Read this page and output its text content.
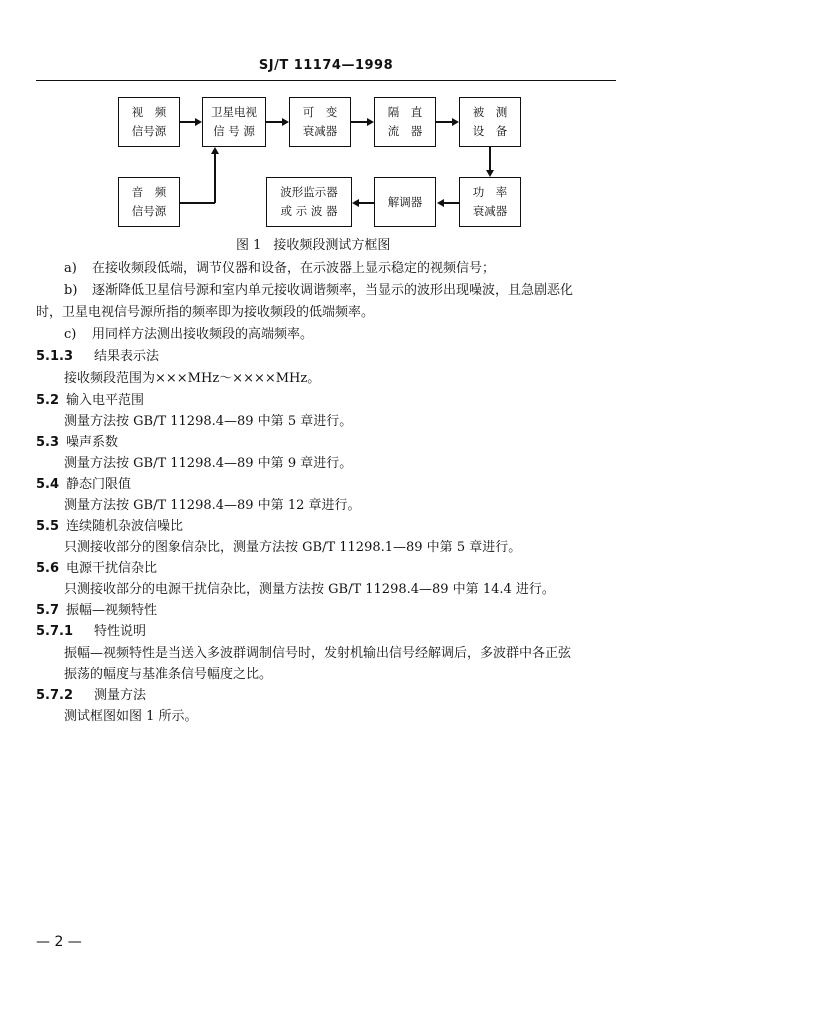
SJ/T 11174—1998
视　频
信号源
卫星电视
信 号 源
可　变
衰减器
隔　直
流　器
被　测
设　备
音　频
信号源
波形监示器
或 示 波 器
解调器
功　率
衰减器
图 1 接收频段测试方框图
a) 在接收频段低端，调节仪器和设备，在示波器上显示稳定的视频信号；
b) 逐渐降低卫星信号源和室内单元接收调谐频率，当显示的波形出现噪波，且急剧恶化
时，卫星电视信号源所指的频率即为接收频段的低端频率。
c) 用同样方法测出接收频段的高端频率。
5.1.3 结果表示法
接收频段范围为×××MHz～××××MHz。
5.2 输入电平范围
测量方法按 GB/T 11298.4—89 中第 5 章进行。
5.3 噪声系数
测量方法按 GB/T 11298.4—89 中第 9 章进行。
5.4 静态门限值
测量方法按 GB/T 11298.4—89 中第 12 章进行。
5.5 连续随机杂波信噪比
只测接收部分的图象信杂比，测量方法按 GB/T 11298.1—89 中第 5 章进行。
5.6 电源干扰信杂比
只测接收部分的电源干扰信杂比，测量方法按 GB/T 11298.4—89 中第 14.4 进行。
5.7 振幅—视频特性
5.7.1 特性说明
振幅—视频特性是当送入多波群调制信号时，发射机输出信号经解调后，多波群中各正弦
振荡的幅度与基准条信号幅度之比。
5.7.2 测量方法
测试框图如图 1 所示。
— 2 —
